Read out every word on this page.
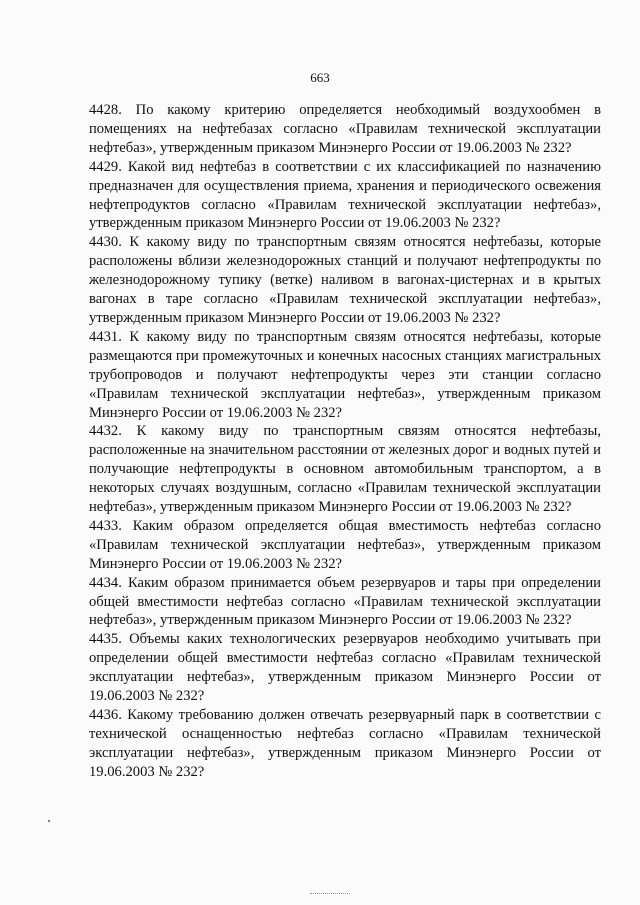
663

4428. По какому критерию определяется необходимый воздухообмен в помещениях на нефтебазах согласно «Правилам технической эксплуатации нефтебаз», утвержденным приказом Минэнерго России от 19.06.2003 № 232?

4429. Какой вид нефтебаз в соответствии с их классификацией по назначению предназначен для осуществления приема, хранения и периодического освежения нефтепродуктов согласно «Правилам технической эксплуатации нефтебаз», утвержденным приказом Минэнерго России от 19.06.2003 № 232?

4430. К какому виду по транспортным связям относятся нефтебазы, которые расположены вблизи железнодорожных станций и получают нефтепродукты по железнодорожному тупику (ветке) наливом в вагонах-цистернах и в крытых вагонах в таре согласно «Правилам технической эксплуатации нефтебаз», утвержденным приказом Минэнерго России от 19.06.2003 № 232?

4431. К какому виду по транспортным связям относятся нефтебазы, которые размещаются при промежуточных и конечных насосных станциях магистральных трубопроводов и получают нефтепродукты через эти станции согласно «Правилам технической эксплуатации нефтебаз», утвержденным приказом Минэнерго России от 19.06.2003 № 232?

4432. К какому виду по транспортным связям относятся нефтебазы, расположенные на значительном расстоянии от железных дорог и водных путей и получающие нефтепродукты в основном автомобильным транспортом, а в некоторых случаях воздушным, согласно «Правилам технической эксплуатации нефтебаз», утвержденным приказом Минэнерго России от 19.06.2003 № 232?

4433. Каким образом определяется общая вместимость нефтебаз согласно «Правилам технической эксплуатации нефтебаз», утвержденным приказом Минэнерго России от 19.06.2003 № 232?

4434. Каким образом принимается объем резервуаров и тары при определении общей вместимости нефтебаз согласно «Правилам технической эксплуатации нефтебаз», утвержденным приказом Минэнерго России от 19.06.2003 № 232?

4435. Объемы каких технологических резервуаров необходимо учитывать при определении общей вместимости нефтебаз согласно «Правилам технической эксплуатации нефтебаз», утвержденным приказом Минэнерго России от 19.06.2003 № 232?

4436. Какому требованию должен отвечать резервуарный парк в соответствии с технической оснащенностью нефтебаз согласно «Правилам технической эксплуатации нефтебаз», утвержденным приказом Минэнерго России от 19.06.2003 № 232?
